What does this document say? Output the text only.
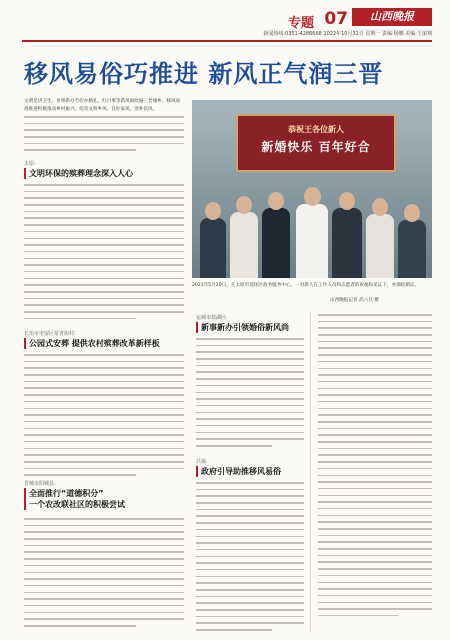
专题 07	山西晚报
新闻热线:0351-4286668 2022年10月31日 星期一 责编:杨娜 美编:王丽翔
移风易俗巧推进 新风正气润三晋
文明是讲卫生，喜事新办节俭办婚礼，红白事等新风尚吹遍三晋城乡，移风易俗推进积极推动乡村振兴，培育文明乡风、良好家风、淳朴民风。
太原:
文明环保的殡葬理念深入人心
长治市屯留区常青街村:
公园式安葬 提供农村殡葬改革新样板
晋城市阳城县:
全面推行“道德积分”
一个农改联社区的积极尝试
恭祝王各位新人
新婚快乐 百年好合
2021年5月20日，在太原市迎泽区政务服务中心，一对新人在工作人员和志愿者的祝福和见证下，办领结婚证。
山西晚报记者 武六旦 摄
运城市盐湖区:
新事新办引领婚俗新风尚
吕梁:
政府引导助推移风易俗
